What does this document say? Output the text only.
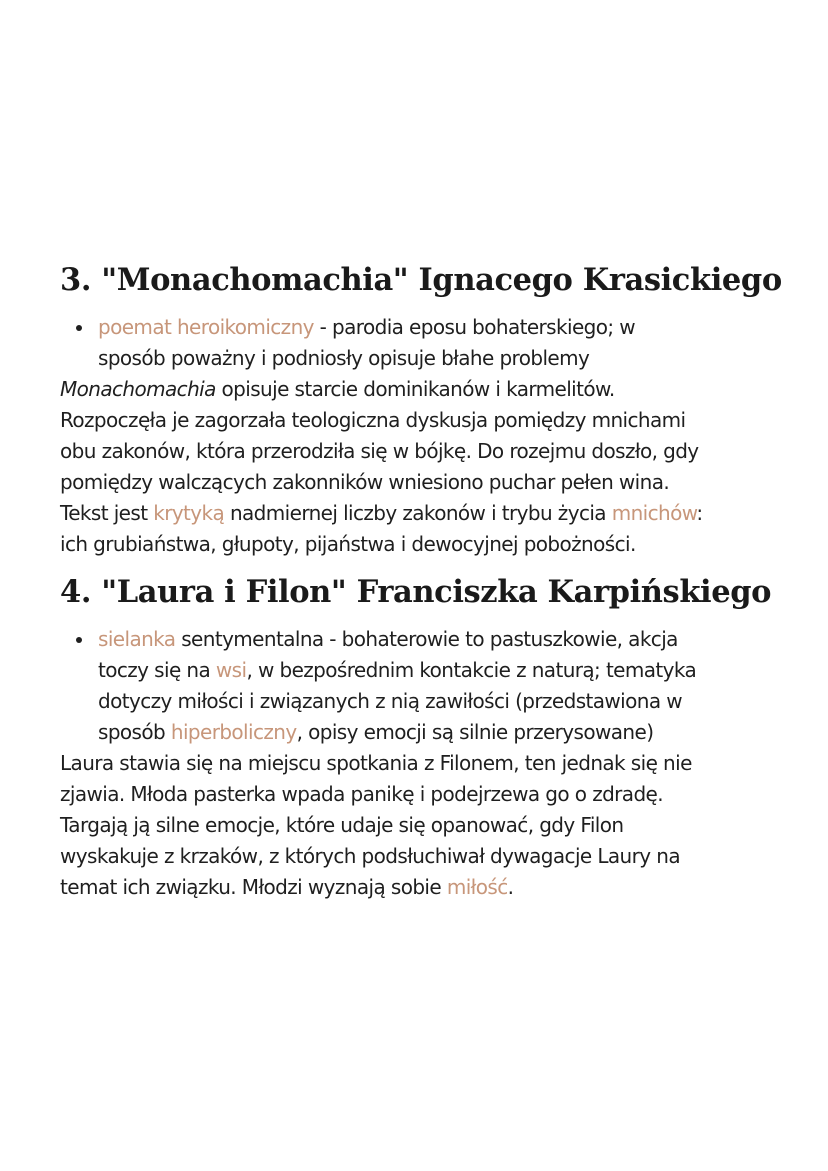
3. "Monachomachia" Ignacego Krasickiego
poemat heroikomiczny - parodia eposu bohaterskiego; w
sposób poważny i podniosły opisuje błahe problemy

Monachomachia opisuje starcie dominikanów i karmelitów.
Rozpoczęła je zagorzała teologiczna dyskusja pomiędzy mnichami
obu zakonów, która przerodziła się w bójkę. Do rozejmu doszło, gdy
pomiędzy walczących zakonników wniesiono puchar pełen wina.
Tekst jest krytyką nadmiernej liczby zakonów i trybu życia mnichów:
ich grubiaństwa, głupoty, pijaństwa i dewocyjnej pobożności.

4. "Laura i Filon" Franciszka Karpińskiego
sielanka sentymentalna - bohaterowie to pastuszkowie, akcja
toczy się na wsi, w bezpośrednim kontakcie z naturą; tematyka
dotyczy miłości i związanych z nią zawiłości (przedstawiona w
sposób hiperboliczny, opisy emocji są silnie przerysowane)

Laura stawia się na miejscu spotkania z Filonem, ten jednak się nie
zjawia. Młoda pasterka wpada panikę i podejrzewa go o zdradę.
Targają ją silne emocje, które udaje się opanować, gdy Filon
wyskakuje z krzaków, z których podsłuchiwał dywagacje Laury na
temat ich związku. Młodzi wyznają sobie miłość.
